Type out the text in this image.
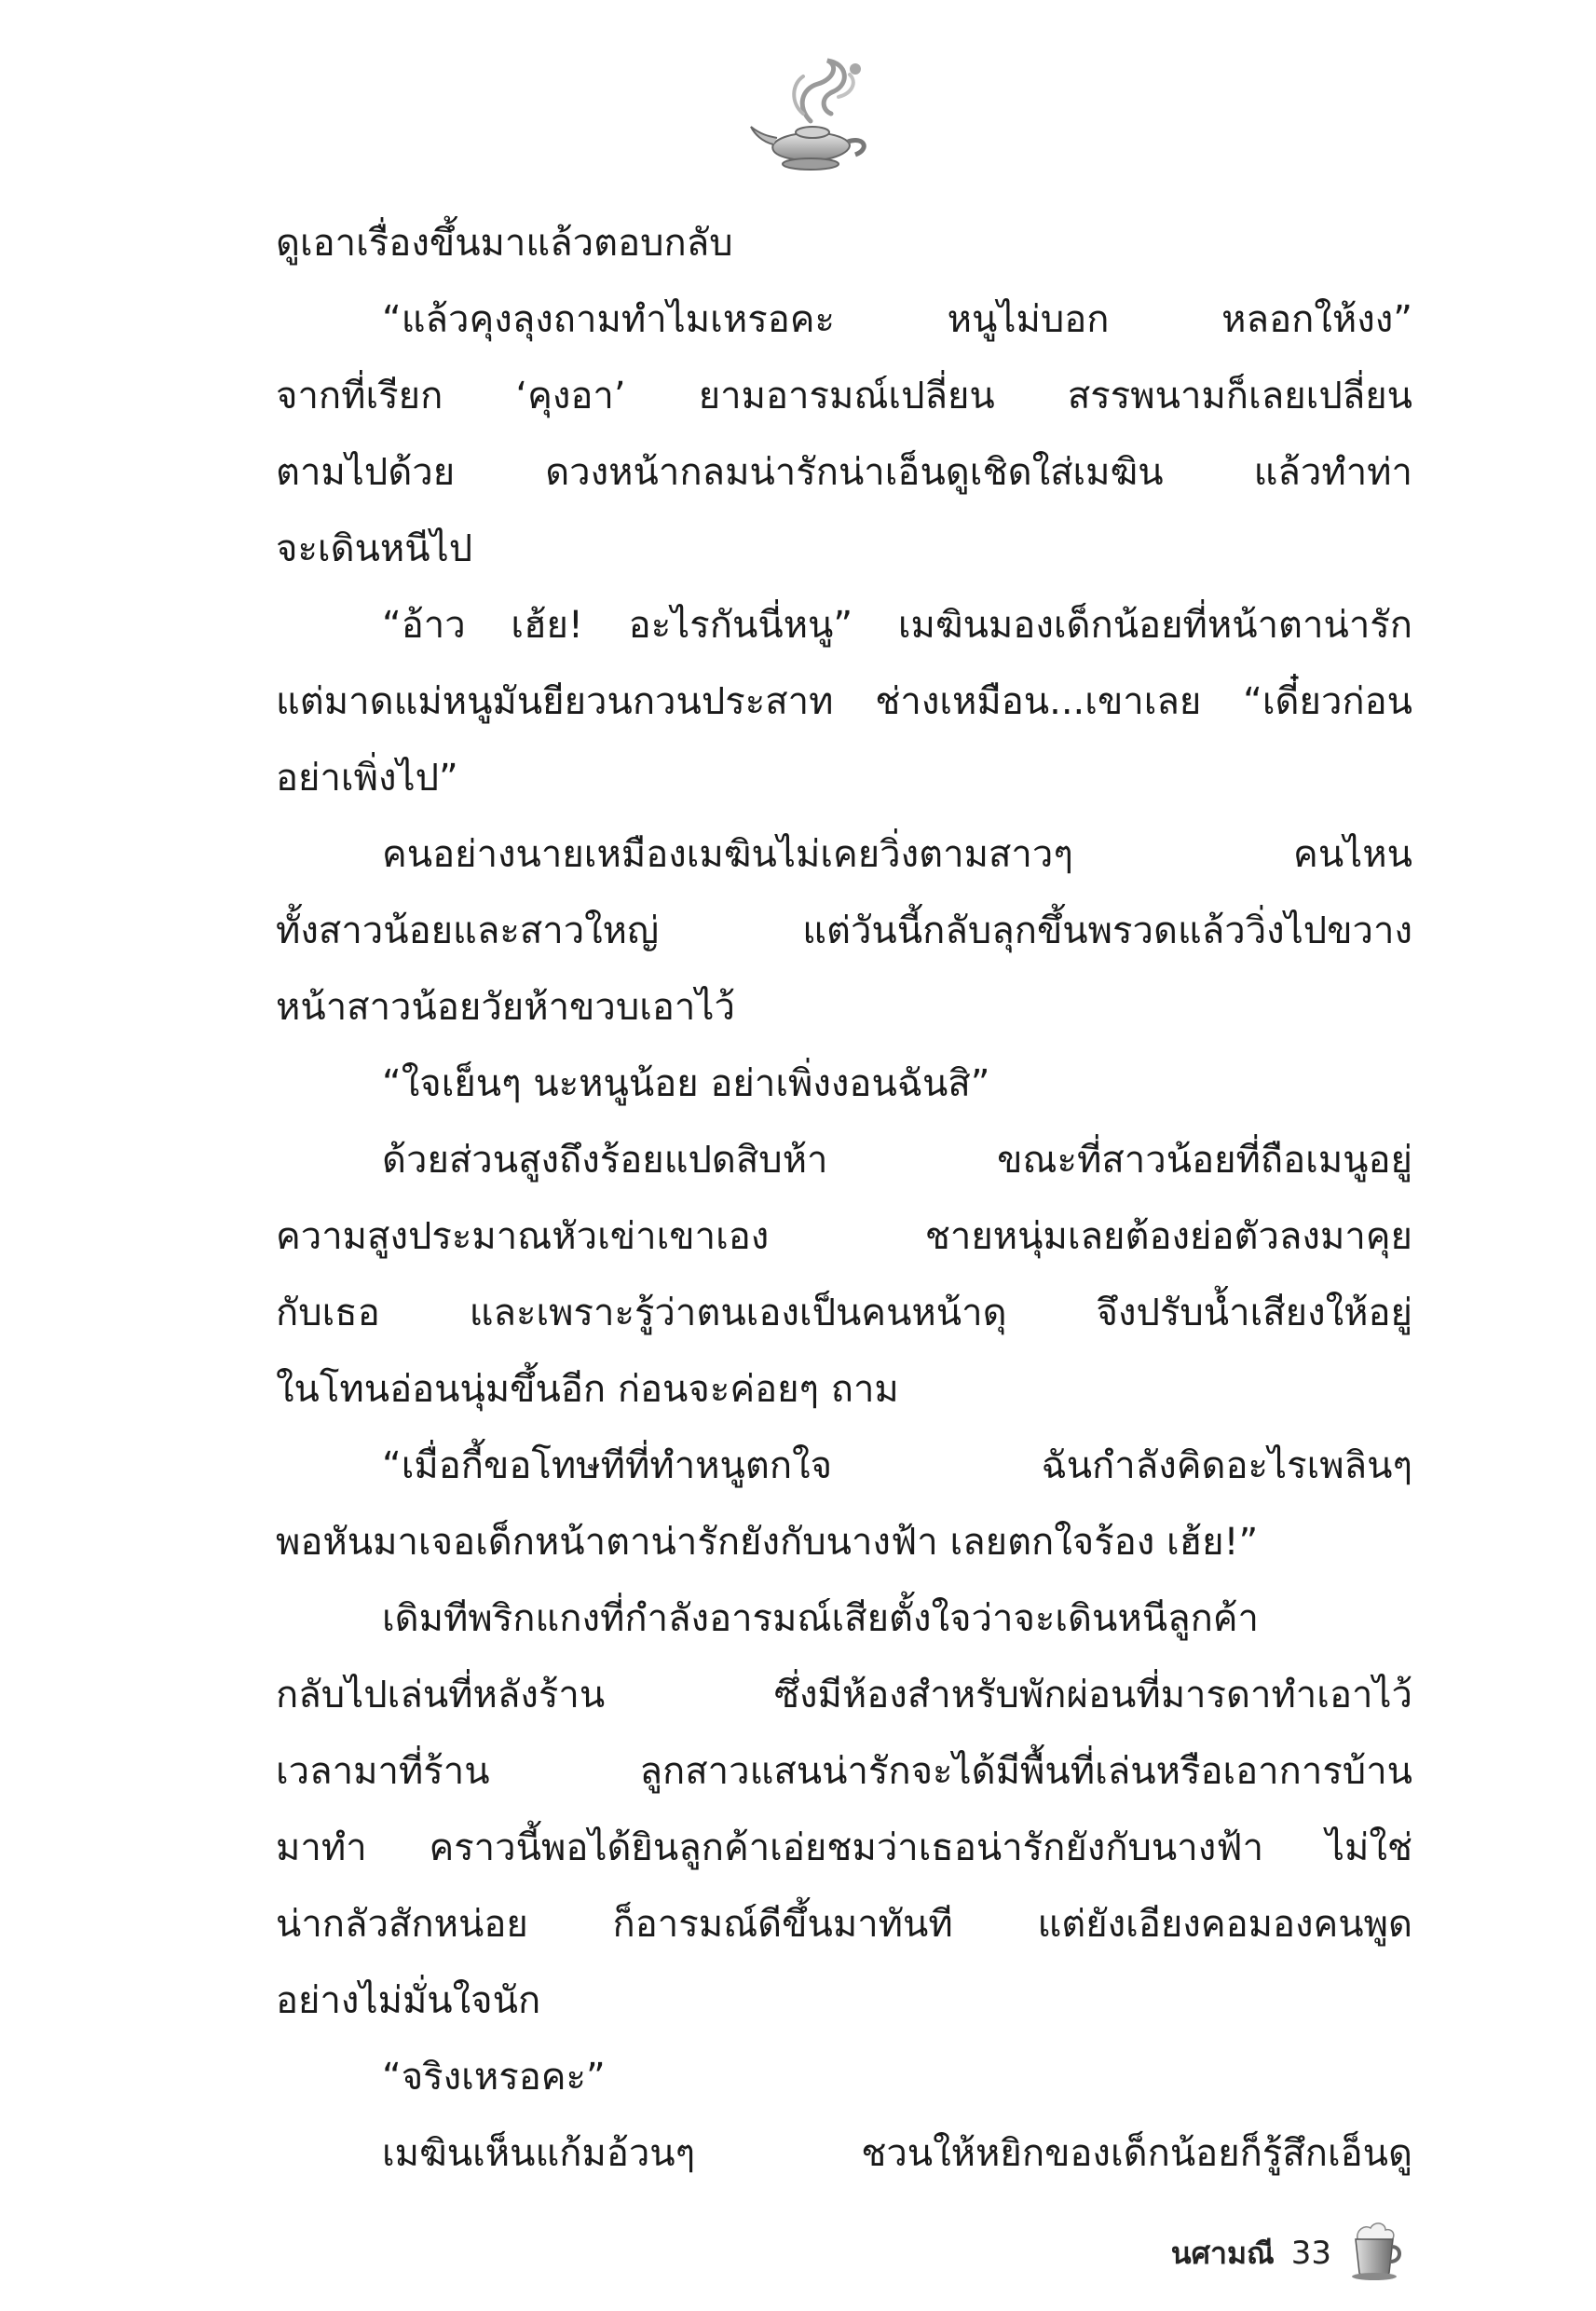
ดูเอาเรื่องขึ้นมาแล้วตอบกลับ
“แล้วคุงลุงถามทำไมเหรอคะ หนูไม่บอก หลอกให้งง”
จากที่เรียก ‘คุงอา’ ยามอารมณ์เปลี่ยน สรรพนามก็เลยเปลี่ยน
ตามไปด้วย ดวงหน้ากลมน่ารักน่าเอ็นดูเชิดใส่เมฆิน แล้วทำท่า
จะเดินหนีไป
“อ้าว เฮ้ย! อะไรกันนี่หนู” เมฆินมองเด็กน้อยที่หน้าตาน่ารัก
แต่มาดแม่หนูมันยียวนกวนประสาท ช่างเหมือน...เขาเลย “เดี๋ยวก่อน
อย่าเพิ่งไป”
คนอย่างนายเหมืองเมฆินไม่เคยวิ่งตามสาวๆ คนไหน
ทั้งสาวน้อยและสาวใหญ่ แต่วันนี้กลับลุกขึ้นพรวดแล้ววิ่งไปขวาง
หน้าสาวน้อยวัยห้าขวบเอาไว้
“ใจเย็นๆ นะหนูน้อย อย่าเพิ่งงอนฉันสิ”
ด้วยส่วนสูงถึงร้อยแปดสิบห้า ขณะที่สาวน้อยที่ถือเมนูอยู่
ความสูงประมาณหัวเข่าเขาเอง ชายหนุ่มเลยต้องย่อตัวลงมาคุย
กับเธอ และเพราะรู้ว่าตนเองเป็นคนหน้าดุ จึงปรับน้ำเสียงให้อยู่
ในโทนอ่อนนุ่มขึ้นอีก ก่อนจะค่อยๆ ถาม
“เมื่อกี้ขอโทษทีที่ทำหนูตกใจ ฉันกำลังคิดอะไรเพลินๆ
พอหันมาเจอเด็กหน้าตาน่ารักยังกับนางฟ้า เลยตกใจร้อง เฮ้ย!”
เดิมทีพริกแกงที่กำลังอารมณ์เสียตั้งใจว่าจะเดินหนีลูกค้า
กลับไปเล่นที่หลังร้าน ซึ่งมีห้องสำหรับพักผ่อนที่มารดาทำเอาไว้
เวลามาที่ร้าน ลูกสาวแสนน่ารักจะได้มีพื้นที่เล่นหรือเอาการบ้าน
มาทำ คราวนี้พอได้ยินลูกค้าเอ่ยชมว่าเธอน่ารักยังกับนางฟ้า ไม่ใช่
น่ากลัวสักหน่อย ก็อารมณ์ดีขึ้นมาทันที แต่ยังเอียงคอมองคนพูด
อย่างไม่มั่นใจนัก
“จริงเหรอคะ”
เมฆินเห็นแก้มอ้วนๆ ชวนให้หยิกของเด็กน้อยก็รู้สึกเอ็นดู
นศามณี 33
